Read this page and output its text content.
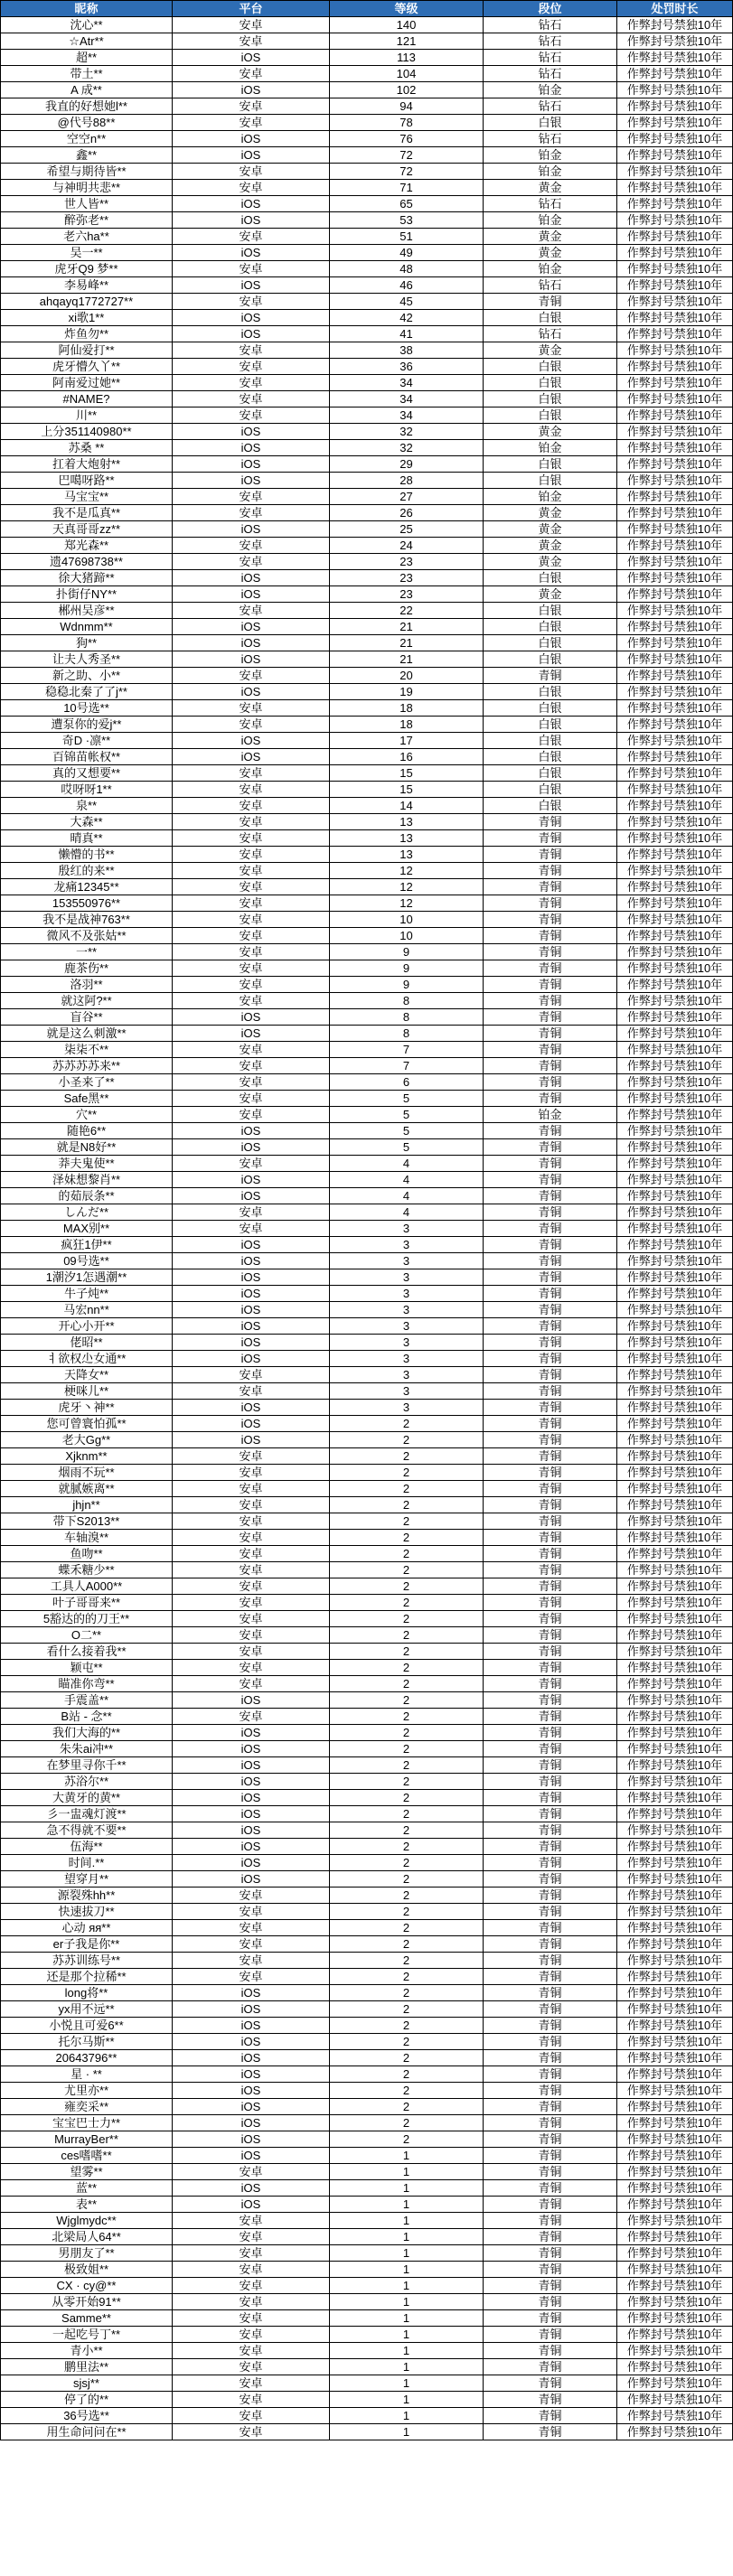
昵称	平台	等级	段位	处罚时长
沈心**	安卓	140	钻石	作弊封号禁独10年
☆Atr**	安卓	121	钻石	作弊封号禁独10年
超**	iOS	113	钻石	作弊封号禁独10年
带土**	安卓	104	钻石	作弊封号禁独10年
A 成**	iOS	102	铂金	作弊封号禁独10年
我直的好想她l**	安卓	94	钻石	作弊封号禁独10年
@代号88**	安卓	78	白银	作弊封号禁独10年
空空n**	iOS	76	钻石	作弊封号禁独10年
鑫**	iOS	72	铂金	作弊封号禁独10年
希望与期待皆**	安卓	72	铂金	作弊封号禁独10年
与神明共悲**	安卓	71	黄金	作弊封号禁独10年
世人皆**	iOS	65	钻石	作弊封号禁独10年
醉弥老**	iOS	53	铂金	作弊封号禁独10年
老六ha**	安卓	51	黄金	作弊封号禁独10年
吴一**	iOS	49	黄金	作弊封号禁独10年
虎牙Q9 梦**	安卓	48	铂金	作弊封号禁独10年
李易峰**	iOS	46	钻石	作弊封号禁独10年
ahqayq1772727**	安卓	45	青铜	作弊封号禁独10年
xi歌1**	iOS	42	白银	作弊封号禁独10年
炸鱼勿**	iOS	41	钻石	作弊封号禁独10年
阿仙爱打**	安卓	38	黄金	作弊封号禁独10年
虎牙懵久丫**	安卓	36	白银	作弊封号禁独10年
阿南爱过她**	安卓	34	白银	作弊封号禁独10年
#NAME?	安卓	34	白银	作弊封号禁独10年
川**	安卓	34	白银	作弊封号禁独10年
上分351140980**	iOS	32	黄金	作弊封号禁独10年
苏桑 **	iOS	32	铂金	作弊封号禁独10年
扛着大炮射**	iOS	29	白银	作弊封号禁独10年
巴噶呀路**	iOS	28	白银	作弊封号禁独10年
马宝宝**	安卓	27	铂金	作弊封号禁独10年
我不是瓜真**	安卓	26	黄金	作弊封号禁独10年
天真哥哥zz**	iOS	25	黄金	作弊封号禁独10年
郑光森**	安卓	24	黄金	作弊封号禁独10年
遗47698738**	安卓	23	黄金	作弊封号禁独10年
徐大猪蹄**	iOS	23	白银	作弊封号禁独10年
扑街仔NY**	iOS	23	黄金	作弊封号禁独10年
郴州吴彦**	安卓	22	白银	作弊封号禁独10年
Wdnmm**	iOS	21	白银	作弊封号禁独10年
狗**	iOS	21	白银	作弊封号禁独10年
让夫人秀圣**	iOS	21	白银	作弊封号禁独10年
新之助、小**	安卓	20	青铜	作弊封号禁独10年
稳稳北秦了了j**	iOS	19	白银	作弊封号禁独10年
10号选**	安卓	18	白银	作弊封号禁独10年
遭泵你的爱j**	安卓	18	白银	作弊封号禁独10年
奇D ·凛**	iOS	17	白银	作弊封号禁独10年
百锦苗帐权**	iOS	16	白银	作弊封号禁独10年
真的又想要**	安卓	15	白银	作弊封号禁独10年
哎呀呀1**	安卓	15	白银	作弊封号禁独10年
泉**	安卓	14	白银	作弊封号禁独10年
大森**	安卓	13	青铜	作弊封号禁独10年
晴真**	安卓	13	青铜	作弊封号禁独10年
懒懵的书**	安卓	13	青铜	作弊封号禁独10年
殷红的来**	安卓	12	青铜	作弊封号禁独10年
龙痛12345**	安卓	12	青铜	作弊封号禁独10年
153550976**	安卓	12	青铜	作弊封号禁独10年
我不是战神763**	安卓	10	青铜	作弊封号禁独10年
微风不及张姑**	安卓	10	青铜	作弊封号禁独10年
一**	安卓	9	青铜	作弊封号禁独10年
鹿茶伤**	安卓	9	青铜	作弊封号禁独10年
洛羽**	安卓	9	青铜	作弊封号禁独10年
就这阿?**	安卓	8	青铜	作弊封号禁独10年
盲谷**	iOS	8	青铜	作弊封号禁独10年
就是这么刺激**	iOS	8	青铜	作弊封号禁独10年
柒柒不**	安卓	7	青铜	作弊封号禁独10年
苏苏苏苏来**	安卓	7	青铜	作弊封号禁独10年
小圣来了**	安卓	6	青铜	作弊封号禁独10年
Safe黑**	安卓	5	青铜	作弊封号禁独10年
穴**	安卓	5	铂金	作弊封号禁独10年
随艳6**	iOS	5	青铜	作弊封号禁独10年
就是N8好**	iOS	5	青铜	作弊封号禁独10年
莽夫鬼使**	安卓	4	青铜	作弊封号禁独10年
泽妹想黎肖**	iOS	4	青铜	作弊封号禁独10年
的茹辰条**	iOS	4	青铜	作弊封号禁独10年
しんだ**	安卓	4	青铜	作弊封号禁独10年
MAX别**	安卓	3	青铜	作弊封号禁独10年
疯狂1伊**	iOS	3	青铜	作弊封号禁独10年
09号选**	iOS	3	青铜	作弊封号禁独10年
1潮汐1怎遇潮**	iOS	3	青铜	作弊封号禁独10年
牛子炖**	iOS	3	青铜	作弊封号禁独10年
马宏nn**	iOS	3	青铜	作弊封号禁独10年
开心小开**	iOS	3	青铜	作弊封号禁独10年
佬昭**	iOS	3	青铜	作弊封号禁独10年
ㅕ欲权尐女通**	iOS	3	青铜	作弊封号禁独10年
天降女**	安卓	3	青铜	作弊封号禁独10年
梗咪儿**	安卓	3	青铜	作弊封号禁独10年
虎牙丶神**	iOS	3	青铜	作弊封号禁独10年
您可曾寰怕孤**	iOS	2	青铜	作弊封号禁独10年
老大Gg**	iOS	2	青铜	作弊封号禁独10年
Xjknm**	安卓	2	青铜	作弊封号禁独10年
烟雨不玩**	安卓	2	青铜	作弊封号禁独10年
就腻嫉离**	安卓	2	青铜	作弊封号禁独10年
jhjn**	安卓	2	青铜	作弊封号禁独10年
带下S2013**	安卓	2	青铜	作弊封号禁独10年
车轴溴**	安卓	2	青铜	作弊封号禁独10年
鱼吻**	安卓	2	青铜	作弊封号禁独10年
蝶禾糖少**	安卓	2	青铜	作弊封号禁独10年
工具人A000**	安卓	2	青铜	作弊封号禁独10年
叶子哥哥来**	安卓	2	青铜	作弊封号禁独10年
5豁达的的刀王**	安卓	2	青铜	作弊封号禁独10年
O二**	安卓	2	青铜	作弊封号禁独10年
看什么接着我**	安卓	2	青铜	作弊封号禁独10年
颖屯**	安卓	2	青铜	作弊封号禁独10年
瞄准你弯**	安卓	2	青铜	作弊封号禁独10年
手震盖**	iOS	2	青铜	作弊封号禁独10年
B站 - 念**	安卓	2	青铜	作弊封号禁独10年
我们大海的**	iOS	2	青铜	作弊封号禁独10年
朱朱ai冲**	iOS	2	青铜	作弊封号禁独10年
在梦里寻你千**	iOS	2	青铜	作弊封号禁独10年
苏浴尔**	iOS	2	青铜	作弊封号禁独10年
大黄牙的黄**	iOS	2	青铜	作弊封号禁独10年
彡一盅魂灯渡**	iOS	2	青铜	作弊封号禁独10年
急不得就不要**	iOS	2	青铜	作弊封号禁独10年
伍海**	iOS	2	青铜	作弊封号禁独10年
时间.**	iOS	2	青铜	作弊封号禁独10年
望穿月**	iOS	2	青铜	作弊封号禁独10年
源裂殊hh**	安卓	2	青铜	作弊封号禁独10年
快速拔刀**	安卓	2	青铜	作弊封号禁独10年
心动 ᴙᴙ**	安卓	2	青铜	作弊封号禁独10年
er子我是你**	安卓	2	青铜	作弊封号禁独10年
苏苏训练号**	安卓	2	青铜	作弊封号禁独10年
还是那个拉稀**	安卓	2	青铜	作弊封号禁独10年
long将**	iOS	2	青铜	作弊封号禁独10年
yx用不远**	iOS	2	青铜	作弊封号禁独10年
小悦且可爱6**	iOS	2	青铜	作弊封号禁独10年
托尔马斯**	iOS	2	青铜	作弊封号禁独10年
20643796**	iOS	2	青铜	作弊封号禁独10年
星 · **	iOS	2	青铜	作弊封号禁独10年
尤里亦**	iOS	2	青铜	作弊封号禁独10年
雍奕采**	iOS	2	青铜	作弊封号禁独10年
宝宝巴士力**	iOS	2	青铜	作弊封号禁独10年
MurrayBer**	iOS	2	青铜	作弊封号禁独10年
ces嗜嗜**	iOS	1	青铜	作弊封号禁独10年
望雾**	安卓	1	青铜	作弊封号禁独10年
蓝**	iOS	1	青铜	作弊封号禁独10年
表**	iOS	1	青铜	作弊封号禁独10年
Wjglmydc**	安卓	1	青铜	作弊封号禁独10年
北梁局人64**	安卓	1	青铜	作弊封号禁独10年
男朋友了**	安卓	1	青铜	作弊封号禁独10年
极致姐**	安卓	1	青铜	作弊封号禁独10年
CX · cy@**	安卓	1	青铜	作弊封号禁独10年
从零开始91**	安卓	1	青铜	作弊封号禁独10年
Samme**	安卓	1	青铜	作弊封号禁独10年
一起吃号丁**	安卓	1	青铜	作弊封号禁独10年
青小**	安卓	1	青铜	作弊封号禁独10年
鹏里法**	安卓	1	青铜	作弊封号禁独10年
sjsj**	安卓	1	青铜	作弊封号禁独10年
停了的**	安卓	1	青铜	作弊封号禁独10年
36号选**	安卓	1	青铜	作弊封号禁独10年
用生命问问在**	安卓	1	青铜	作弊封号禁独10年
